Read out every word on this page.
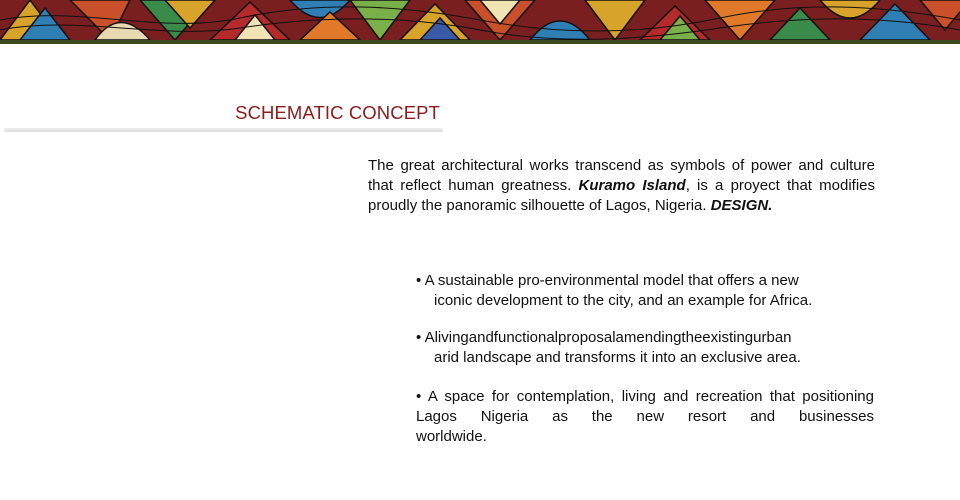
SCHEMATIC CONCEPT
The great architectural works transcend as symbols of power and culture that reflect human greatness. Kuramo Island, is a proyect that modifies proudly the panoramic silhouette of Lagos, Nigeria. DESIGN.
• A sustainable pro-environmental model that offers a new
iconic development to the city, and an example for Africa.
• Alivingandfunctionalproposalamendingtheexistingurban
arid landscape and transforms it into an exclusive area.
• A space for contemplation, living and recreation that positioning Lagos Nigeria as the new resort and businesses
worldwide.
